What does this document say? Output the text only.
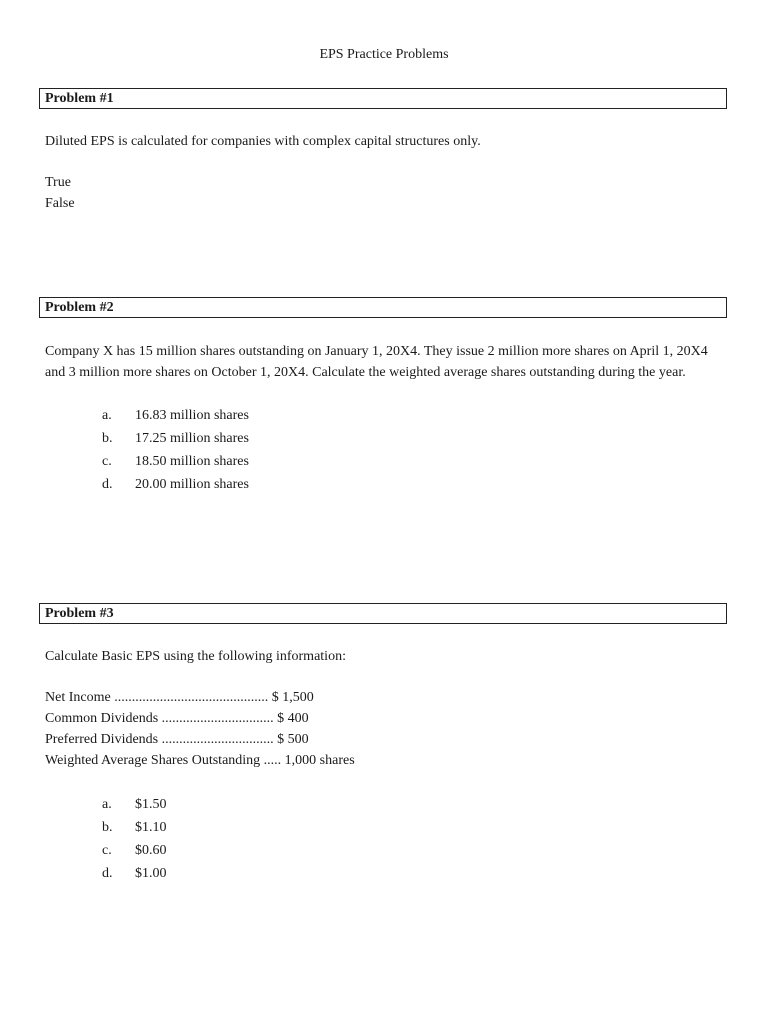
EPS Practice Problems
Problem #1
Diluted EPS is calculated for companies with complex capital structures only.
True
False
Problem #2
Company X has 15 million shares outstanding on January 1, 20X4. They issue 2 million more shares on April 1, 20X4 and 3 million more shares on October 1, 20X4. Calculate the weighted average shares outstanding during the year.
a. 16.83 million shares
b. 17.25 million shares
c. 18.50 million shares
d. 20.00 million shares
Problem #3
Calculate Basic EPS using the following information:
Net Income ............................................ $ 1,500
Common Dividends ................................ $ 400
Preferred Dividends ................................ $ 500
Weighted Average Shares Outstanding ..... 1,000 shares
a. $1.50
b. $1.10
c. $0.60
d. $1.00
